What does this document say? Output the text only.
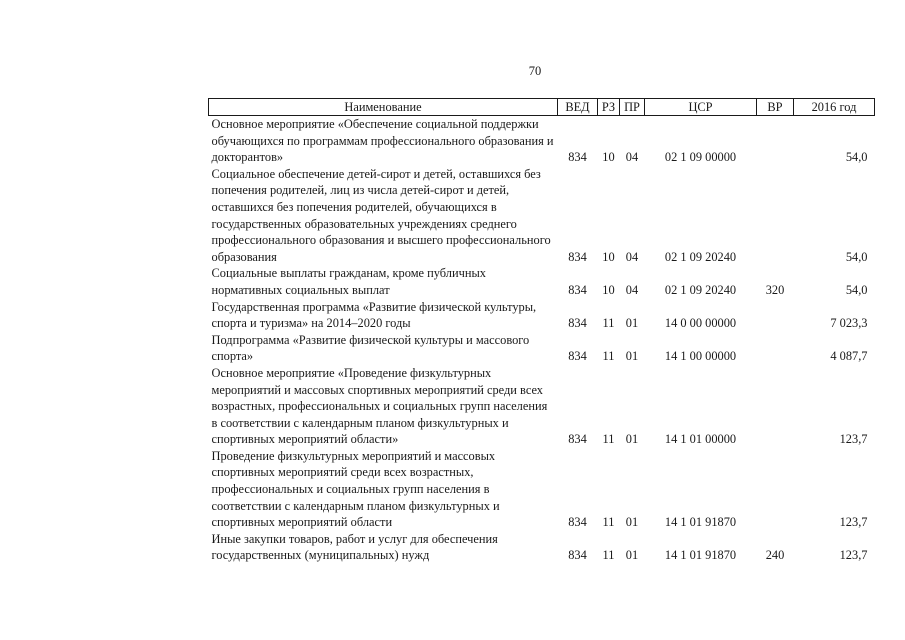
70
Наименование	ВЕД	РЗ	ПР	ЦСР	ВР	2016 год
Основное мероприятие «Обеспечение социальной поддержки обучающихся по программам профессионального образования и докторантов»	834	10	04	02 1 09 00000		54,0
Социальное обеспечение детей-сирот и детей, оставшихся без попечения родителей, лиц из числа детей-сирот и детей, оставшихся без попечения родителей, обучающихся в государственных образовательных учреждениях среднего профессионального образования и высшего профессионального образования	834	10	04	02 1 09 20240		54,0
Социальные выплаты гражданам, кроме публичных нормативных социальных выплат	834	10	04	02 1 09 20240	320	54,0
Государственная программа «Развитие физической культуры, спорта и туризма» на 2014–2020 годы	834	11	01	14 0 00 00000		7 023,3
Подпрограмма «Развитие физической культуры и массового спорта»	834	11	01	14 1 00 00000		4 087,7
Основное мероприятие «Проведение физкультурных мероприятий и массовых спортивных мероприятий среди всех возрастных, профессиональных и социальных групп населения в соответствии с календарным планом физкультурных и спортивных мероприятий области»	834	11	01	14 1 01 00000		123,7
Проведение физкультурных мероприятий и массовых спортивных мероприятий среди всех возрастных, профессиональных и социальных групп населения в соответствии с календарным планом физкультурных и спортивных мероприятий области	834	11	01	14 1 01 91870		123,7
Иные закупки товаров, работ и услуг для обеспечения государственных (муниципальных) нужд	834	11	01	14 1 01 91870	240	123,7
